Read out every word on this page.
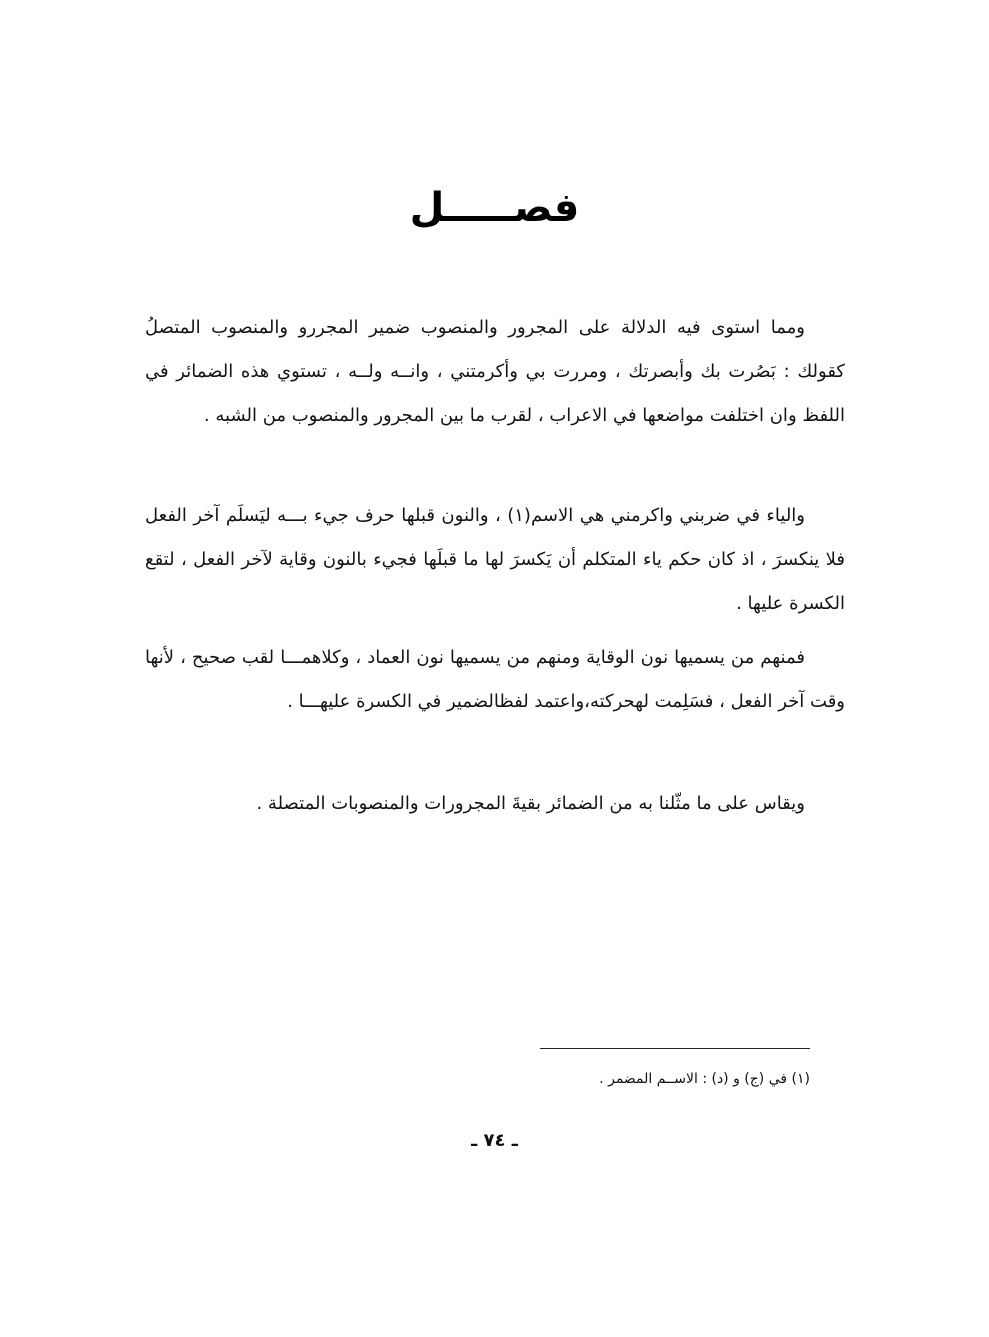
فصـــــل
ومما استوى فيه الدلالة على المجرور والمنصوب ضمير المجررو والمنصوب المتصلُ كقولك : بَصُرت بك وأبصرتك ، ومررت بي وأكرمتني ، وانــه ولــه ، تستوي هذه الضمائر في اللفظ وان اختلفت مواضعها في الاعراب ، لقرب ما بين المجرور والمنصوب من الشبه .
والياء في ضربني واكرمني هي الاسم(١) ، والنون قبلها حرف جيء بـــه ليَسلَم آخر الفعل فلا ينكسرَ ، اذ كان حكم ياء المتكلم أن يَكسرَ لها ما قبلَها فجيء بالنون وقاية لآخر الفعل ، لتقع الكسرة عليها .
فمنهم من يسميها نون الوقاية ومنهم من يسميها نون العماد ، وكلاهمـــا لقب صحيح ، لأنها وقت آخر الفعل ، فسَلِمت لهحركته،واعتمد لفظالضمير في الكسرة عليهـــا .
ويقاس على ما مثّلنا به من الضمائر بقيةَ المجرورات والمنصوبات المتصلة .
(١) في (ج) و (د) : الاســم المضمر .
ـ ٧٤ ـ
